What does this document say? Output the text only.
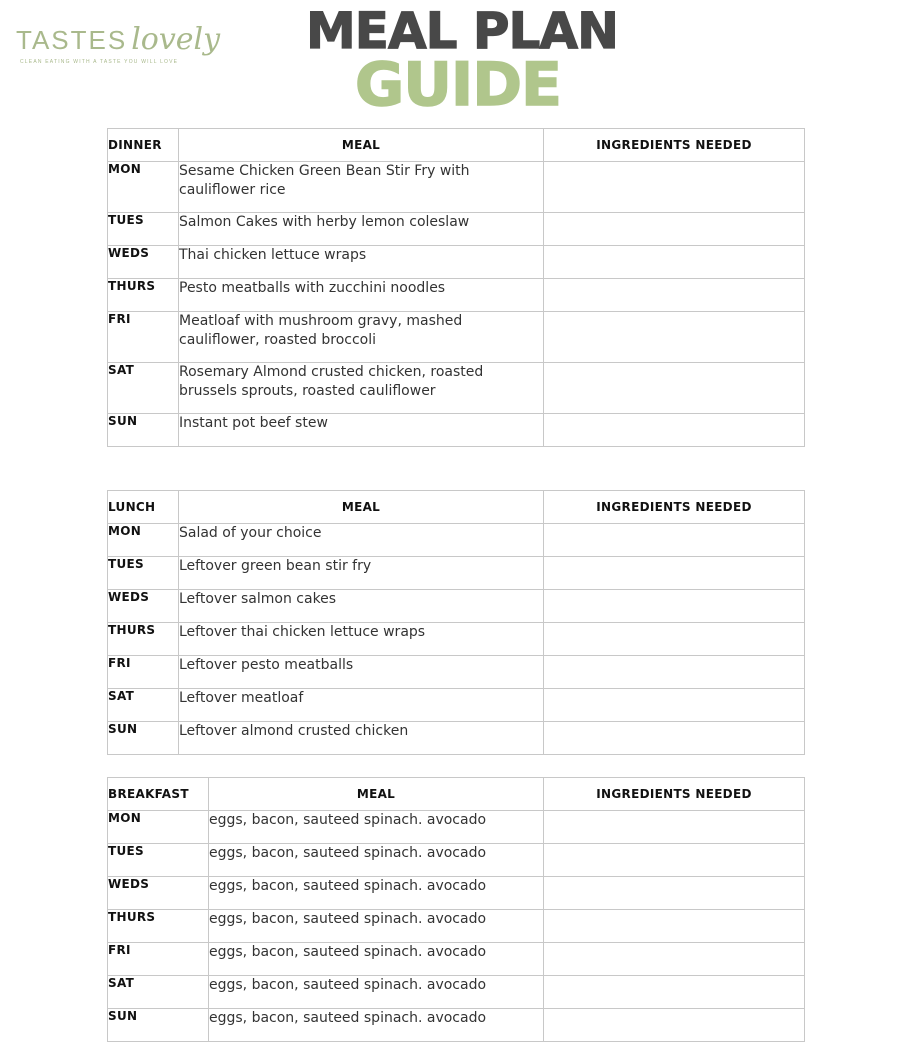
TASTES lovely
CLEAN EATING WITH A TASTE YOU WILL LOVE
MEAL PLAN
GUIDE
DINNER	MEAL	INGREDIENTS NEEDED
MON	Sesame Chicken Green Bean Stir Fry with cauliflower rice	
TUES	Salmon Cakes with herby lemon coleslaw	
WEDS	Thai chicken lettuce wraps	
THURS	Pesto meatballs with zucchini noodles	
FRI	Meatloaf with mushroom gravy, mashed cauliflower, roasted broccoli	
SAT	Rosemary Almond crusted chicken, roasted brussels sprouts, roasted cauliflower	
SUN	Instant pot beef stew	
LUNCH	MEAL	INGREDIENTS NEEDED
MON	Salad of your choice	
TUES	Leftover green bean stir fry	
WEDS	Leftover salmon cakes	
THURS	Leftover thai chicken lettuce wraps	
FRI	Leftover pesto meatballs	
SAT	Leftover meatloaf	
SUN	Leftover almond crusted chicken	
BREAKFAST	MEAL	INGREDIENTS NEEDED
MON	eggs, bacon, sauteed spinach. avocado	
TUES	eggs, bacon, sauteed spinach. avocado	
WEDS	eggs, bacon, sauteed spinach. avocado	
THURS	eggs, bacon, sauteed spinach. avocado	
FRI	eggs, bacon, sauteed spinach. avocado	
SAT	eggs, bacon, sauteed spinach. avocado	
SUN	eggs, bacon, sauteed spinach. avocado	
